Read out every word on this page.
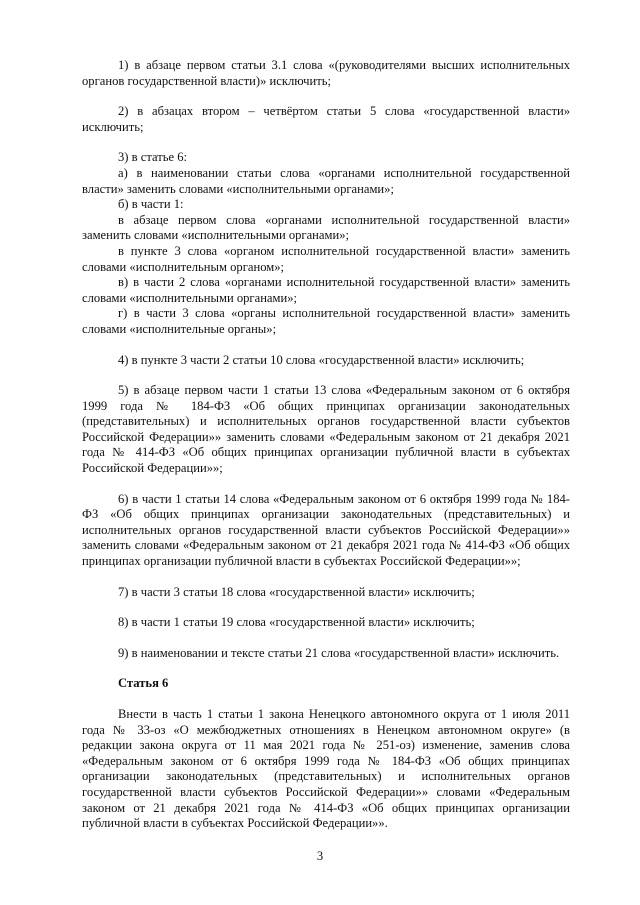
1) в абзаце первом статьи 3.1 слова «(руководителями высших исполнительных органов государственной власти)» исключить;

2) в абзацах втором – четвёртом статьи 5 слова «государственной власти» исключить;

3) в статье 6:

а) в наименовании статьи слова «органами исполнительной государственной власти» заменить словами «исполнительными органами»;

б) в части 1:

в абзаце первом слова «органами исполнительной государственной власти» заменить словами «исполнительными органами»;

в пункте 3 слова «органом исполнительной государственной власти» заменить словами «исполнительным органом»;

в) в части 2 слова «органами исполнительной государственной власти» заменить словами «исполнительными органами»;

г) в части 3 слова «органы исполнительной государственной власти» заменить словами «исполнительные органы»;

4) в пункте 3 части 2 статьи 10 слова «государственной власти» исключить;

5) в абзаце первом части 1 статьи 13 слова «Федеральным законом от 6 октября 1999 года № 184-ФЗ «Об общих принципах организации законодательных (представительных) и исполнительных органов государственной власти субъектов Российской Федерации»» заменить словами «Федеральным законом от 21 декабря 2021 года № 414-ФЗ «Об общих принципах организации публичной власти в субъектах Российской Федерации»»;

6) в части 1 статьи 14 слова «Федеральным законом от 6 октября 1999 года № 184-ФЗ «Об общих принципах организации законодательных (представительных) и исполнительных органов государственной власти субъектов Российской Федерации»» заменить словами «Федеральным законом от 21 декабря 2021 года № 414-ФЗ «Об общих принципах организации публичной власти в субъектах Российской Федерации»»;

7) в части 3 статьи 18 слова «государственной власти» исключить;

8) в части 1 статьи 19 слова «государственной власти» исключить;

9) в наименовании и тексте статьи 21 слова «государственной власти» исключить.

Статья 6

Внести в часть 1 статьи 1 закона Ненецкого автономного округа от 1 июля 2011 года № 33-оз «О межбюджетных отношениях в Ненецком автономном округе» (в редакции закона округа от 11 мая 2021 года № 251-оз) изменение, заменив слова «Федеральным законом от 6 октября 1999 года № 184-ФЗ «Об общих принципах организации законодательных (представительных) и исполнительных органов государственной власти субъектов Российской Федерации»» словами «Федеральным законом от 21 декабря 2021 года № 414-ФЗ «Об общих принципах организации публичной власти в субъектах Российской Федерации»».

3
